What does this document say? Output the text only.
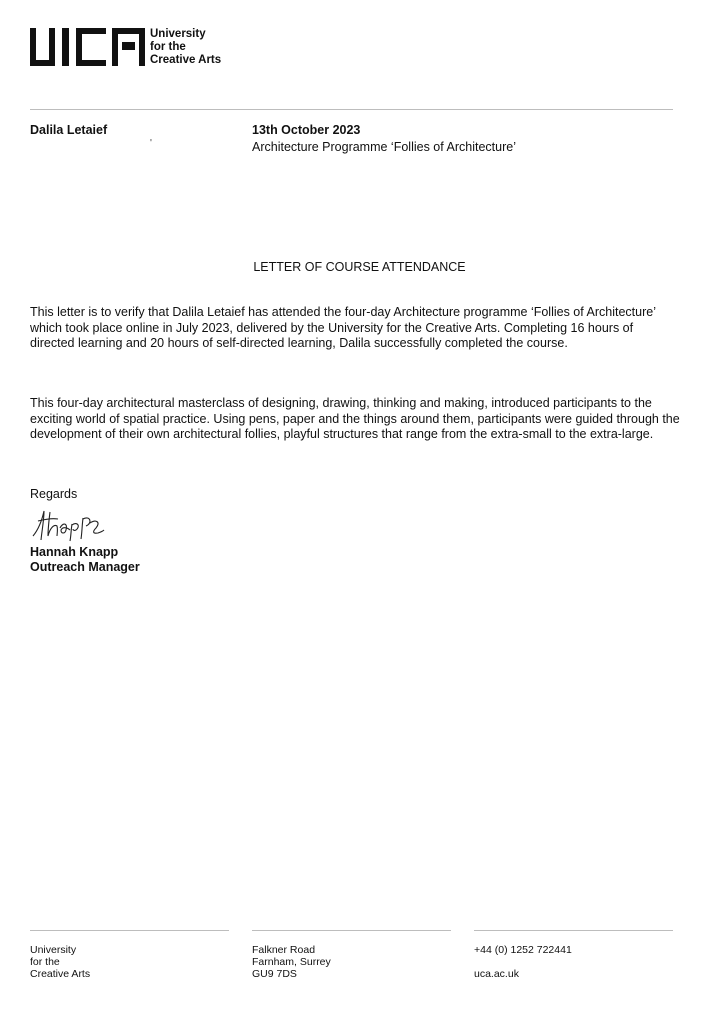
University
for the
Creative Arts
Dalila Letaief
'
13th October 2023
Architecture Programme ‘Follies of Architecture’
LETTER OF COURSE ATTENDANCE

This letter is to verify that Dalila Letaief has attended the four-day Architecture programme ‘Follies of Architecture’ which took place online in July 2023, delivered by the University for the Creative Arts. Completing 16 hours of directed learning and 20 hours of self-directed learning, Dalila successfully completed the course.

This four-day architectural masterclass of designing, drawing, thinking and making, introduced participants to the exciting world of spatial practice. Using pens, paper and the things around them, participants were guided through the development of their own architectural follies, playful structures that range from the extra-small to the extra-large.

Regards
Hannah Knapp
Outreach Manager
University
for the
Creative Arts
Falkner Road
Farnham, Surrey
GU9 7DS
+44 (0) 1252 722441
uca.ac.uk
